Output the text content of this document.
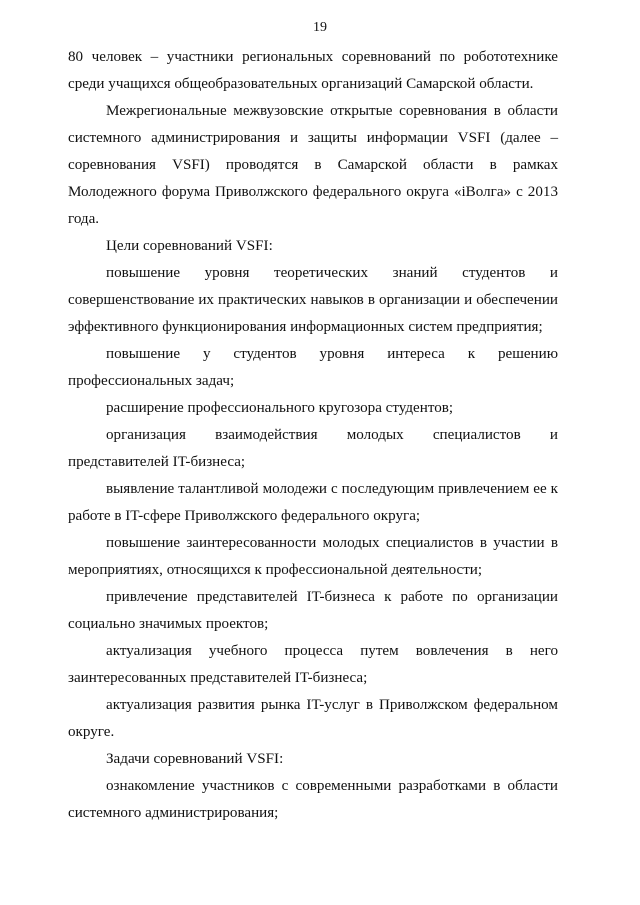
19

80 человек – участники региональных соревнований по робототехнике среди учащихся общеобразовательных организаций Самарской области.

Межрегиональные межвузовские открытые соревнования в области системного администрирования и защиты информации VSFI (далее – соревнования VSFI) проводятся в Самарской области в рамках Молодежного форума Приволжского федерального округа «iВолга» с 2013 года.

Цели соревнований VSFI:

повышение уровня теоретических знаний студентов и совершенствование их практических навыков в организации и обеспечении эффективного функционирования информационных систем предприятия;

повышение у студентов уровня интереса к решению профессиональных задач;

расширение профессионального кругозора студентов;

организация взаимодействия молодых специалистов и представителей IT-бизнеса;

выявление талантливой молодежи с последующим привлечением ее к работе в IT-сфере Приволжского федерального округа;

повышение заинтересованности молодых специалистов в участии в мероприятиях, относящихся к профессиональной деятельности;

привлечение представителей IT-бизнеса к работе по организации социально значимых проектов;

актуализация учебного процесса путем вовлечения в него заинтересованных представителей IT-бизнеса;

актуализация развития рынка IT-услуг в Приволжском федеральном округе.

Задачи соревнований VSFI:

ознакомление участников с современными разработками в области системного администрирования;
